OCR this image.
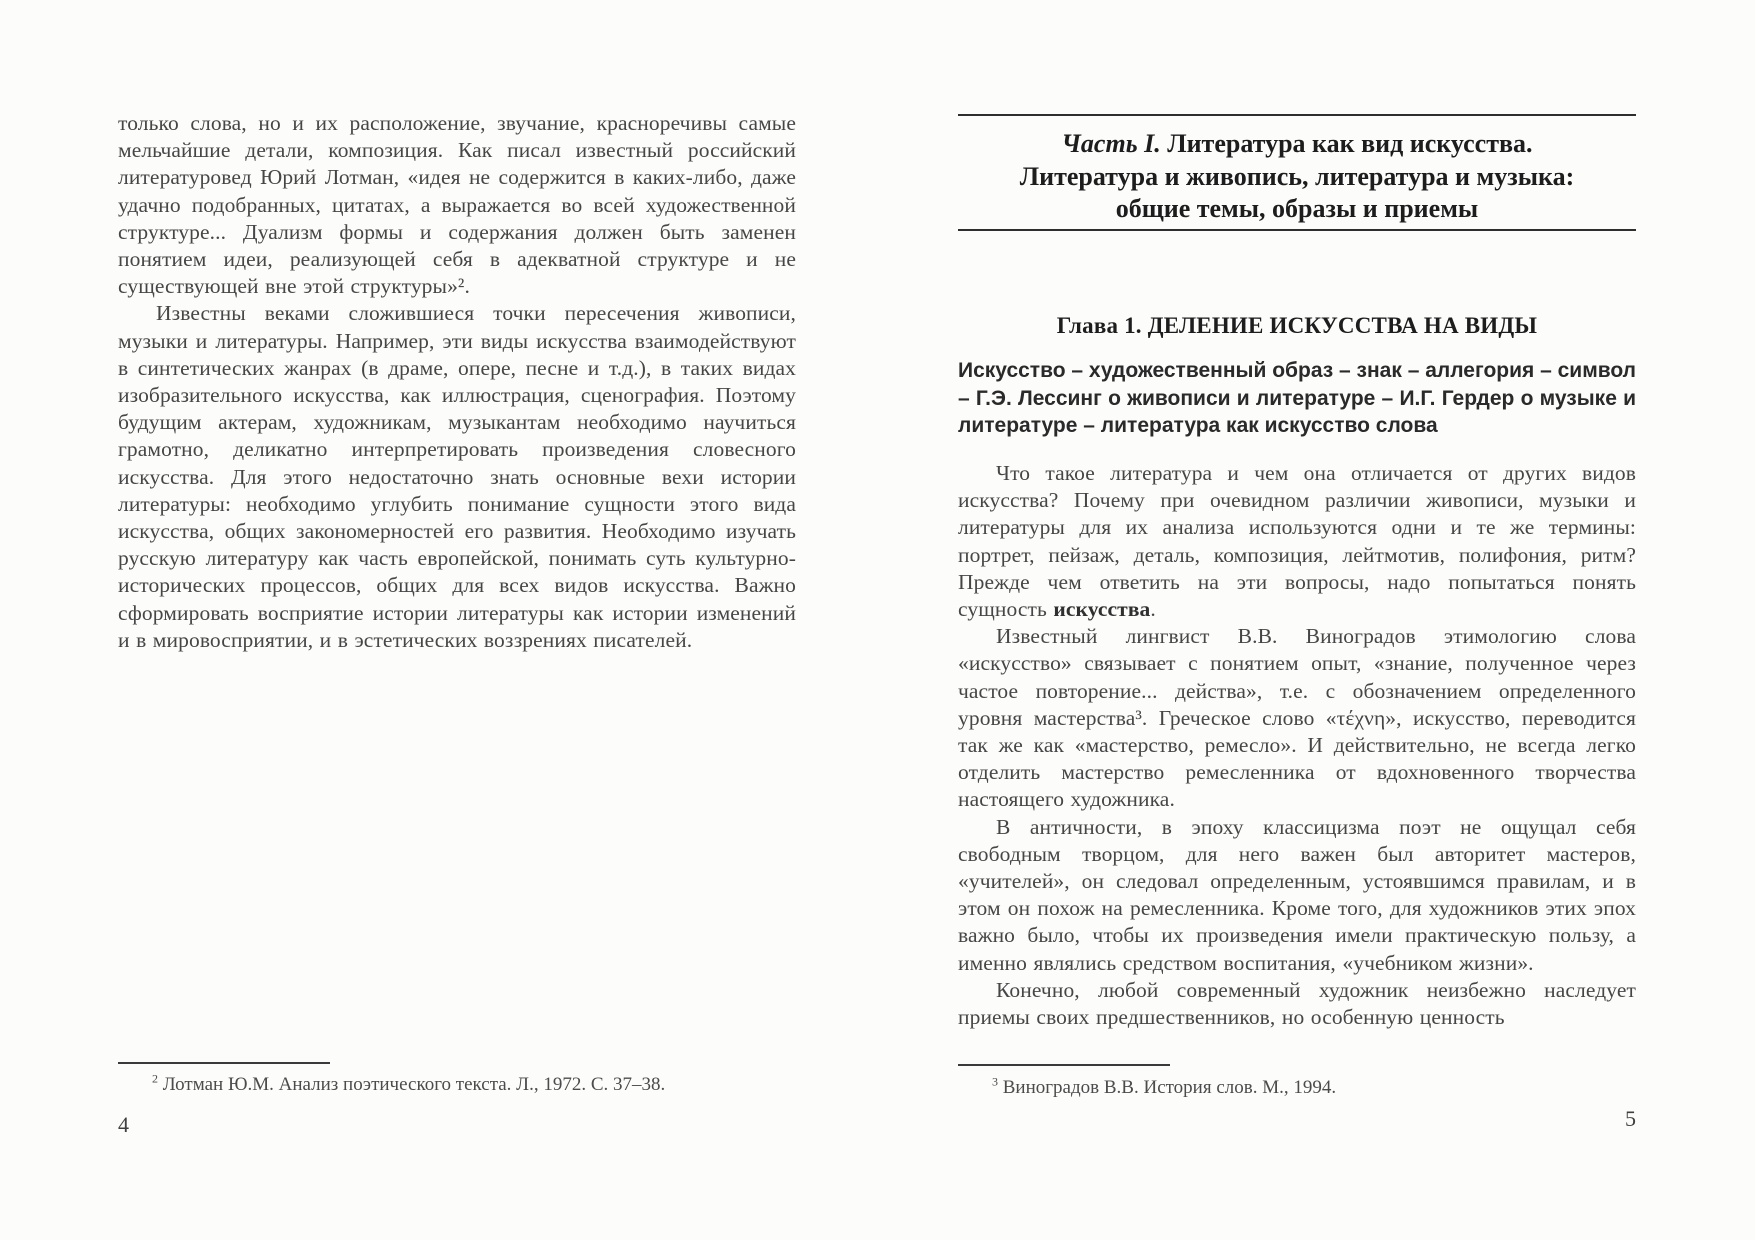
только слова, но и их расположение, звучание, красноречивы самые мельчайшие детали, композиция. Как писал известный российский литературовед Юрий Лотман, «идея не содержится в каких-либо, даже удачно подобранных, цитатах, а выражается во всей художественной структуре... Дуализм формы и содержания должен быть заменен понятием идеи, реализующей себя в адекватной структуре и не существующей вне этой структуры»².

Известны веками сложившиеся точки пересечения живописи, музыки и литературы. Например, эти виды искусства взаимодействуют в синтетических жанрах (в драме, опере, песне и т.д.), в таких видах изобразительного искусства, как иллюстрация, сценография. Поэтому будущим актерам, художникам, музыкантам необходимо научиться грамотно, деликатно интерпретировать произведения словесного искусства. Для этого недостаточно знать основные вехи истории литературы: необходимо углубить понимание сущности этого вида искусства, общих закономерностей его развития. Необходимо изучать русскую литературу как часть европейской, понимать суть культурно-исторических процессов, общих для всех видов искусства. Важно сформировать восприятие истории литературы как истории изменений и в мировосприятии, и в эстетических воззрениях писателей.

$^2$ Лотман Ю.М. Анализ поэтического текста. Л., 1972. С. 37–38.
4
Часть I. Литература как вид искусства.
Литература и живопись, литература и музыка:
общие темы, образы и приемы
Глава 1. ДЕЛЕНИЕ ИСКУССТВА НА ВИДЫ
Искусство – художественный образ – знак – аллегория – символ – Г.Э. Лессинг о живописи и литературе – И.Г. Гердер о музыке и литературе – литература как искусство слова

Что такое литература и чем она отличается от других видов искусства? Почему при очевидном различии живописи, музыки и литературы для их анализа используются одни и те же термины: портрет, пейзаж, деталь, композиция, лейтмотив, полифония, ритм? Прежде чем ответить на эти вопросы, надо попытаться понять сущность искусства.

Известный лингвист В.В. Виноградов этимологию слова «искусство» связывает с понятием опыт, «знание, полученное через частое повторение... действа», т.е. с обозначением определенного уровня мастерства³. Греческое слово «τέχνη», искусство, переводится так же как «мастерство, ремесло». И действительно, не всегда легко отделить мастерство ремесленника от вдохновенного творчества настоящего художника.

В античности, в эпоху классицизма поэт не ощущал себя свободным творцом, для него важен был авторитет мастеров, «учителей», он следовал определенным, устоявшимся правилам, и в этом он похож на ремесленника. Кроме того, для художников этих эпох важно было, чтобы их произведения имели практическую пользу, а именно являлись средством воспитания, «учебником жизни».

Конечно, любой современный художник неизбежно наследует приемы своих предшественников, но особенную ценность

$^3$ Виноградов В.В. История слов. М., 1994.
5
